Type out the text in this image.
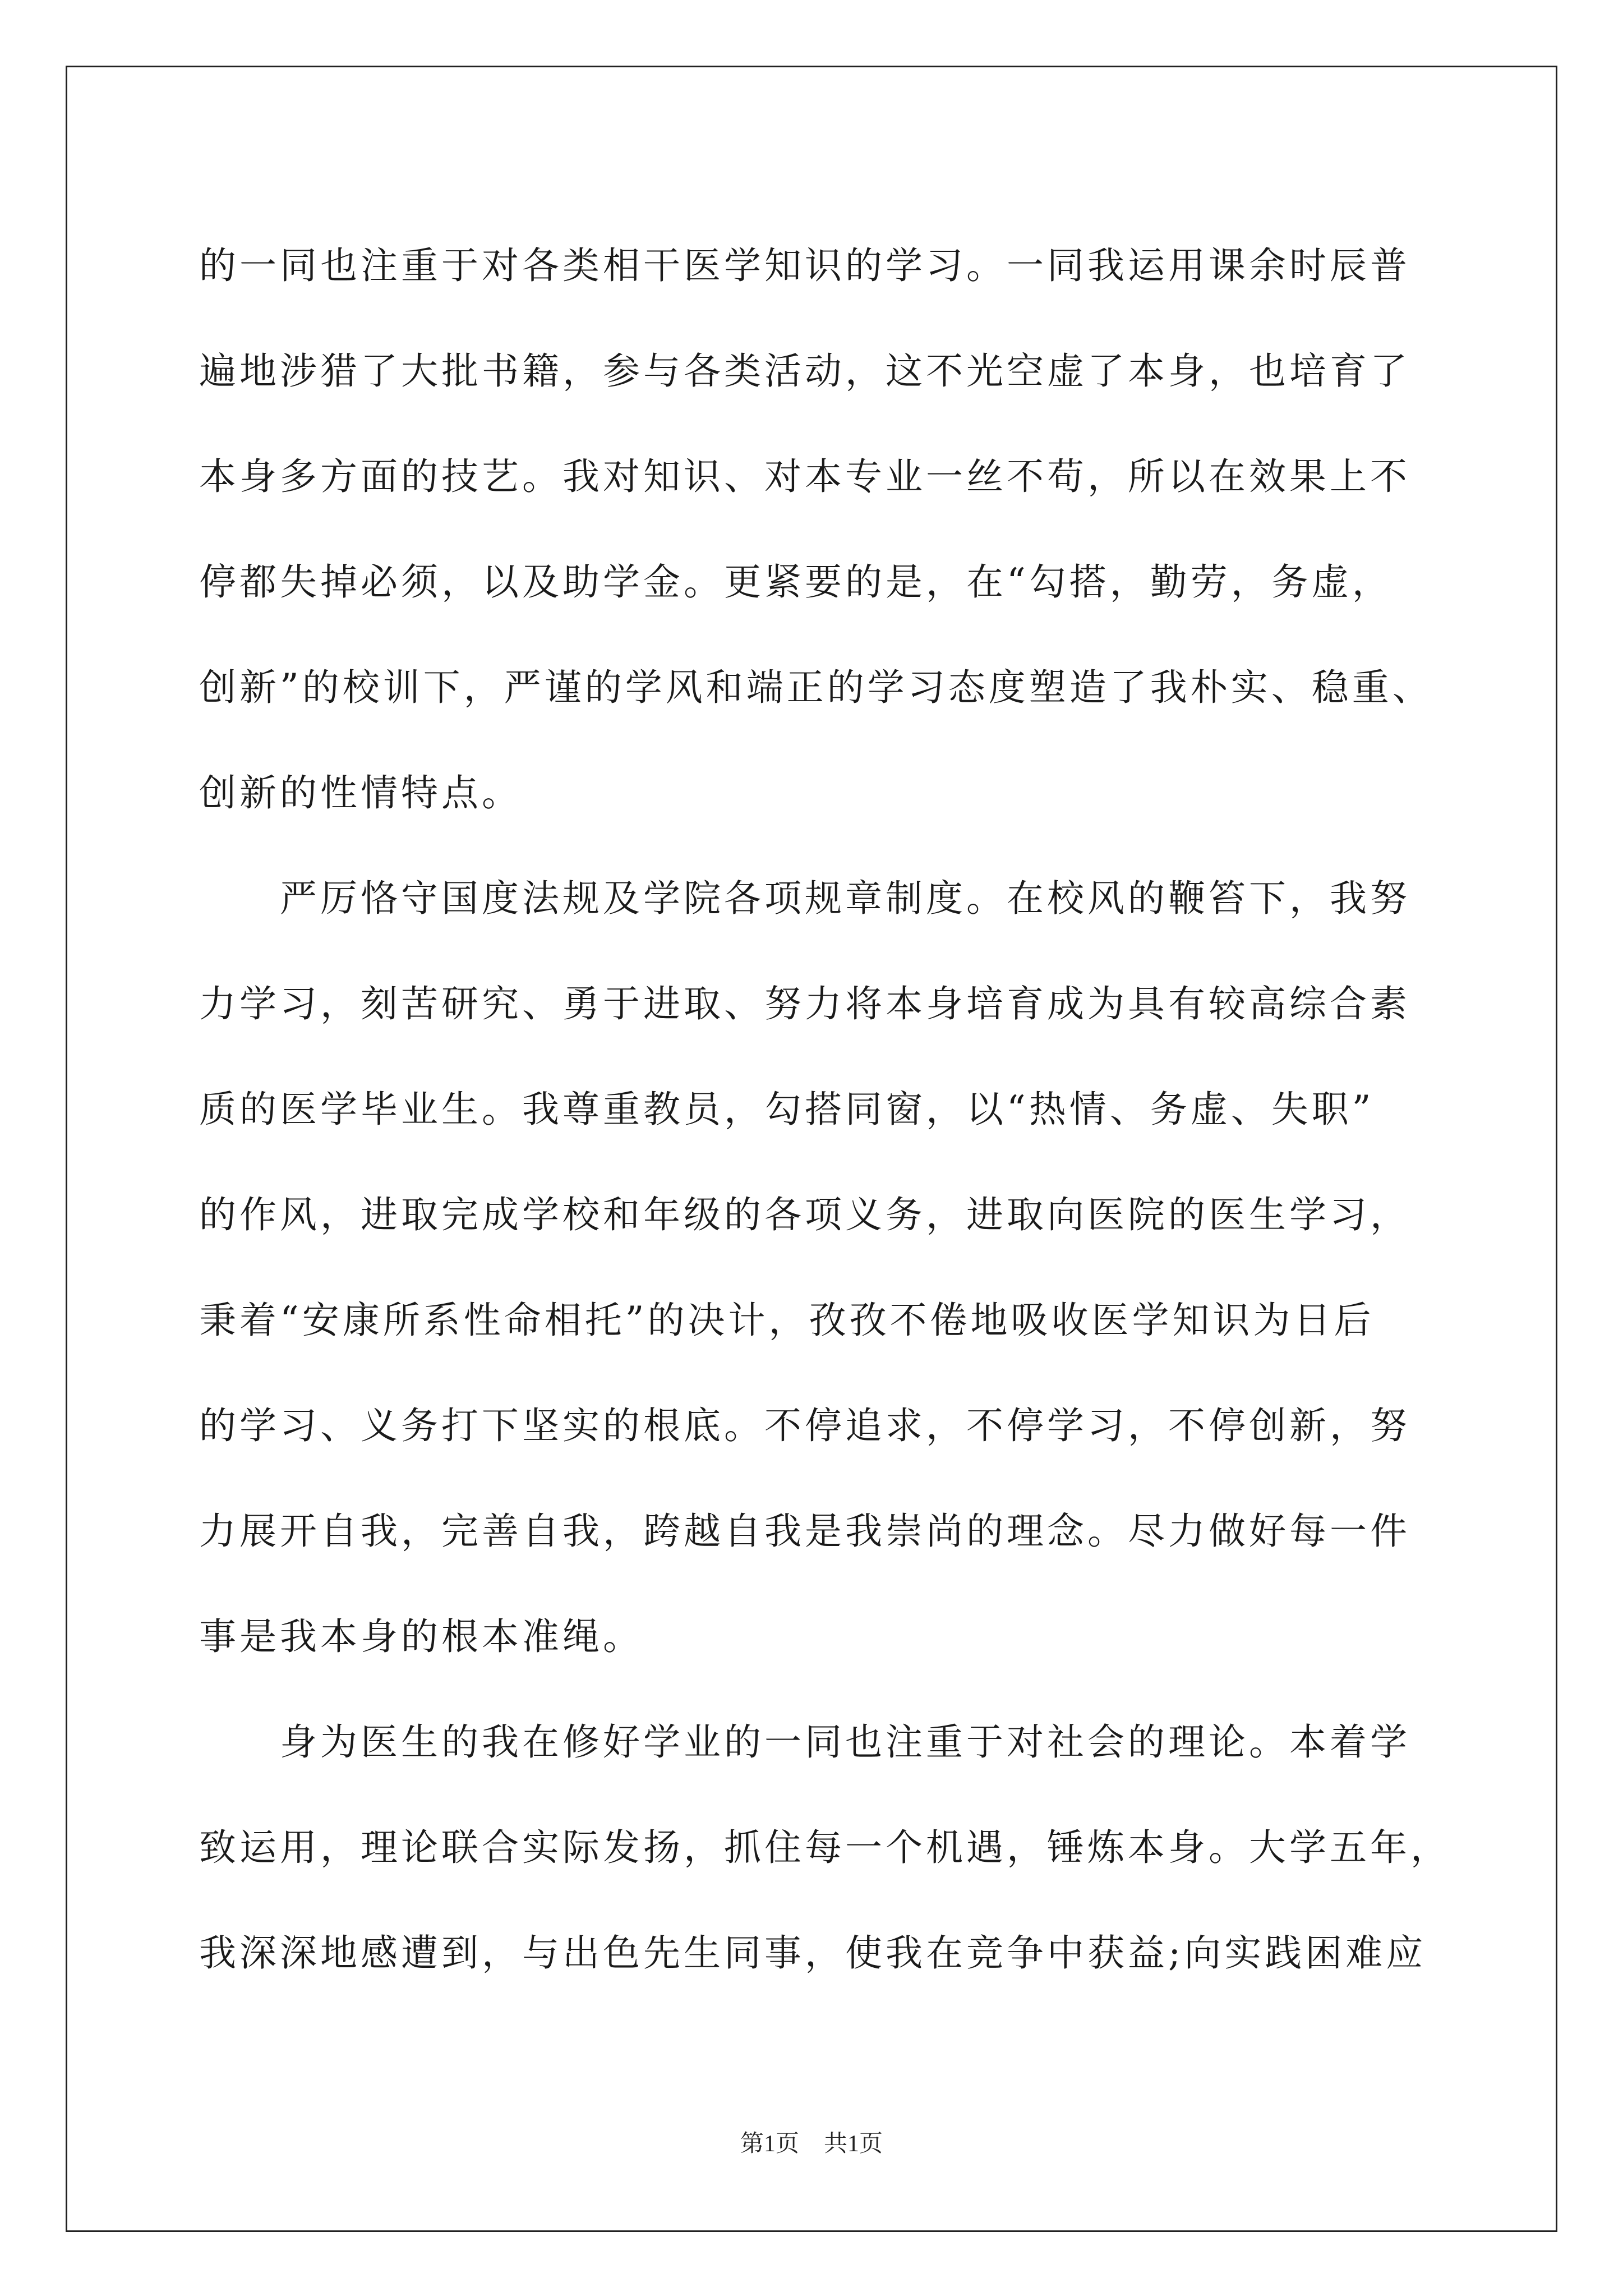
的一同也注重于对各类相干医学知识的学习。一同我运用课余时辰普
遍地涉猎了大批书籍，参与各类活动，这不光空虚了本身，也培育了
本身多方面的技艺。我对知识、对本专业一丝不苟，所以在效果上不
停都失掉必须，以及助学金。更紧要的是，在“勾搭，勤劳，务虚，
创新”的校训下，严谨的学风和端正的学习态度塑造了我朴实、稳重、
创新的性情特点。
　　严厉恪守国度法规及学院各项规章制度。在校风的鞭笞下，我努
力学习，刻苦研究、勇于进取、努力将本身培育成为具有较高综合素
质的医学毕业生。我尊重教员，勾搭同窗，以“热情、务虚、失职”
的作风，进取完成学校和年级的各项义务，进取向医院的医生学习，
秉着“安康所系性命相托”的决计，孜孜不倦地吸收医学知识为日后
的学习、义务打下坚实的根底。不停追求，不停学习，不停创新，努
力展开自我，完善自我，跨越自我是我崇尚的理念。尽力做好每一件
事是我本身的根本准绳。
　　身为医生的我在修好学业的一同也注重于对社会的理论。本着学
致运用，理论联合实际发扬，抓住每一个机遇，锤炼本身。大学五年，
我深深地感遭到，与出色先生同事，使我在竞争中获益;向实践困难应
第1页 共1页
